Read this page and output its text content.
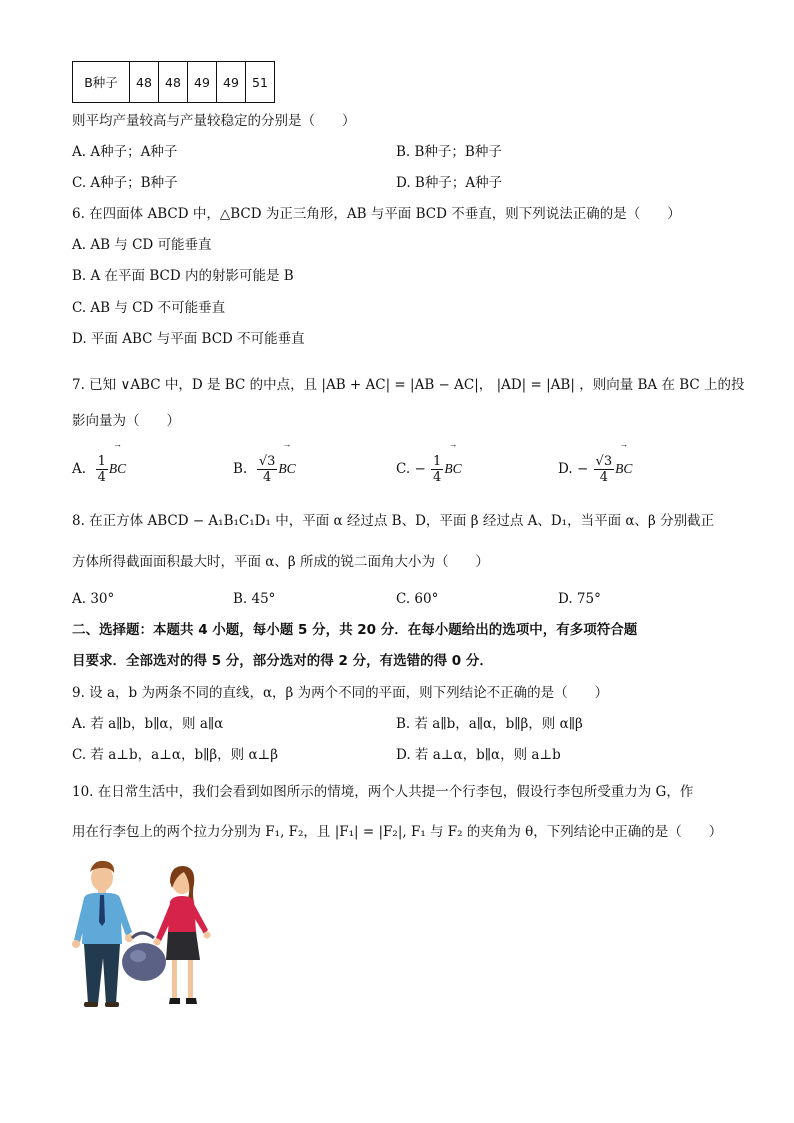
B种子	48	48	49	49	51
则平均产量较高与产量较稳定的分别是（　　）
A. A种子；A种子	B. B种子；B种子
C. A种子；B种子	D. B种子；A种子
6. 在四面体 ABCD 中，△BCD 为正三角形，AB 与平面 BCD 不垂直，则下列说法正确的是（　　）
A. AB 与 CD 可能垂直
B. A 在平面 BCD 内的射影可能是 B
C. AB 与 CD 不可能垂直
D. 平面 ABC 与平面 BCD 不可能垂直
7. 已知 ∨ABC 中，D 是 BC 的中点，且 |AB + AC| = |AB − AC|， |AD| = |AB| ，则向量 BA 在 BC 上的投
影向量为（　　）
A. $\frac{1}{4}$ → BC	B. $\frac{√3}{4}$ → BC	C. − $\frac{1}{4}$ → BC	D. − $\frac{√3}{4}$ → BC
8. 在正方体 ABCD − A₁B₁C₁D₁ 中，平面 α 经过点 B、D，平面 β 经过点 A、D₁，当平面 α、β 分别截正
方体所得截面面积最大时，平面 α、β 所成的锐二面角大小为（　　）
A. 30°	B. 45°	C. 60°	D. 75°
二、选择题：本题共 4 小题，每小题 5 分，共 20 分．在每小题给出的选项中，有多项符合题
目要求．全部选对的得 5 分，部分选对的得 2 分，有选错的得 0 分．
9. 设 a，b 为两条不同的直线，α，β 为两个不同的平面，则下列结论不正确的是（　　）
A. 若 a∥b，b∥α，则 a∥α	B. 若 a∥b，a∥α，b∥β，则 α∥β
C. 若 a⊥b，a⊥α，b∥β，则 α⊥β	D. 若 a⊥α，b∥α，则 a⊥b
10. 在日常生活中，我们会看到如图所示的情境，两个人共提一个行李包，假设行李包所受重力为 G，作
用在行李包上的两个拉力分别为 F₁, F₂，且 |F₁| = |F₂|, F₁ 与 F₂ 的夹角为 θ，下列结论中正确的是（　　）
